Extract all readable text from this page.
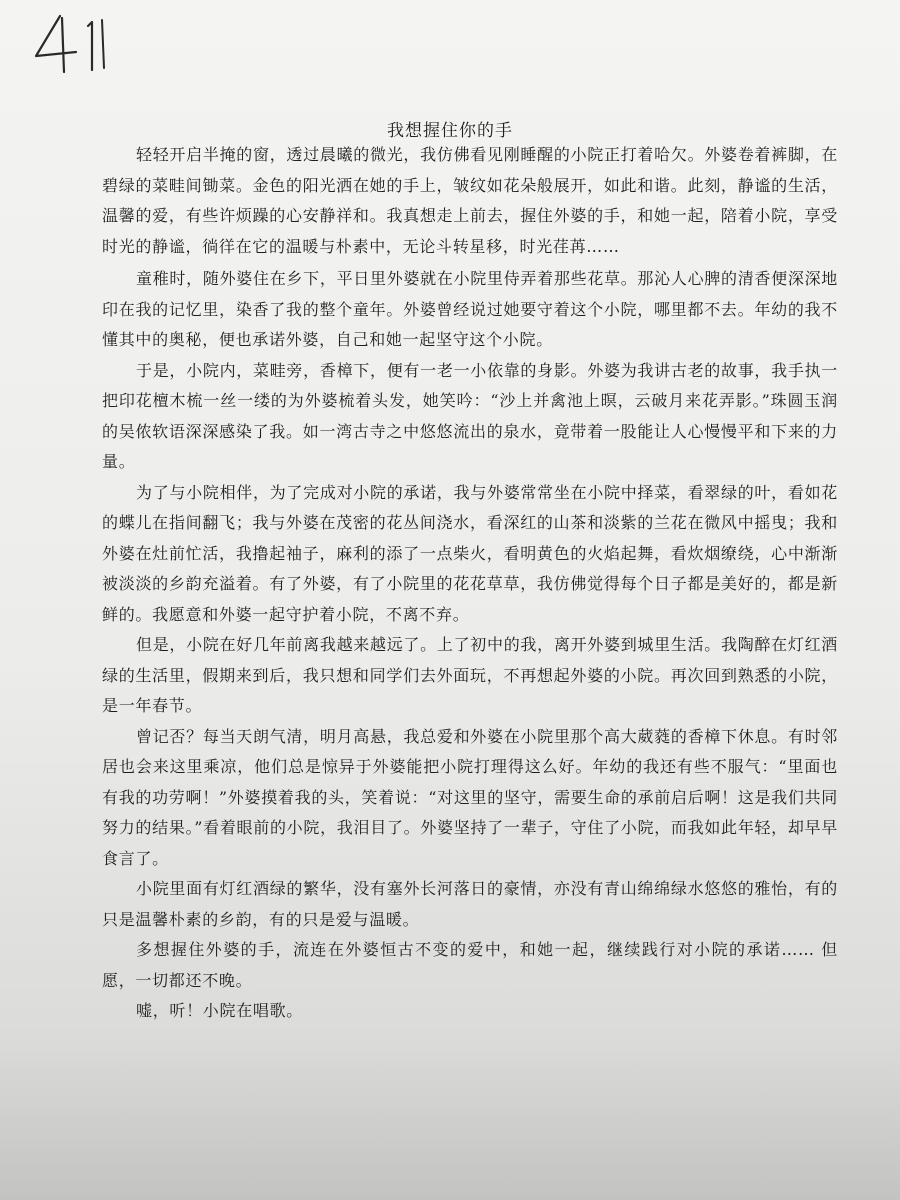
我想握住你的手

轻轻开启半掩的窗，透过晨曦的微光，我仿佛看见刚睡醒的小院正打着哈欠。外婆卷着裤脚，在碧绿的菜畦间锄菜。金色的阳光洒在她的手上，皱纹如花朵般展开，如此和谐。此刻，静谧的生活，温馨的爱，有些许烦躁的心安静祥和。我真想走上前去，握住外婆的手，和她一起，陪着小院，享受时光的静谧，徜徉在它的温暖与朴素中，无论斗转星移，时光荏苒……

童稚时，随外婆住在乡下，平日里外婆就在小院里侍弄着那些花草。那沁人心脾的清香便深深地印在我的记忆里，染香了我的整个童年。外婆曾经说过她要守着这个小院，哪里都不去。年幼的我不懂其中的奥秘，便也承诺外婆，自己和她一起坚守这个小院。

于是，小院内，菜畦旁，香樟下，便有一老一小依靠的身影。外婆为我讲古老的故事，我手执一把印花檀木梳一丝一缕的为外婆梳着头发，她笑吟：“沙上并禽池上暝，云破月来花弄影。”珠圆玉润的吴侬软语深深感染了我。如一湾古寺之中悠悠流出的泉水，竟带着一股能让人心慢慢平和下来的力量。

为了与小院相伴，为了完成对小院的承诺，我与外婆常常坐在小院中择菜，看翠绿的叶，看如花的蝶儿在指间翻飞；我与外婆在茂密的花丛间浇水，看深红的山茶和淡紫的兰花在微风中摇曳；我和外婆在灶前忙活，我撸起袖子，麻利的添了一点柴火，看明黄色的火焰起舞，看炊烟缭绕，心中渐渐被淡淡的乡韵充溢着。有了外婆，有了小院里的花花草草，我仿佛觉得每个日子都是美好的，都是新鲜的。我愿意和外婆一起守护着小院，不离不弃。

但是，小院在好几年前离我越来越远了。上了初中的我，离开外婆到城里生活。我陶醉在灯红酒绿的生活里，假期来到后，我只想和同学们去外面玩，不再想起外婆的小院。再次回到熟悉的小院，是一年春节。

曾记否？每当天朗气清，明月高悬，我总爱和外婆在小院里那个高大葳蕤的香樟下休息。有时邻居也会来这里乘凉，他们总是惊异于外婆能把小院打理得这么好。年幼的我还有些不服气：“里面也有我的功劳啊！”外婆摸着我的头，笑着说：“对这里的坚守，需要生命的承前启后啊！这是我们共同努力的结果。”看着眼前的小院，我泪目了。外婆坚持了一辈子，守住了小院，而我如此年轻，却早早食言了。

小院里面有灯红酒绿的繁华，没有塞外长河落日的豪情，亦没有青山绵绵绿水悠悠的雅怡，有的只是温馨朴素的乡韵，有的只是爱与温暖。

多想握住外婆的手，流连在外婆恒古不变的爱中，和她一起，继续践行对小院的承诺…… 但愿，一切都还不晚。

嘘，听！小院在唱歌。
